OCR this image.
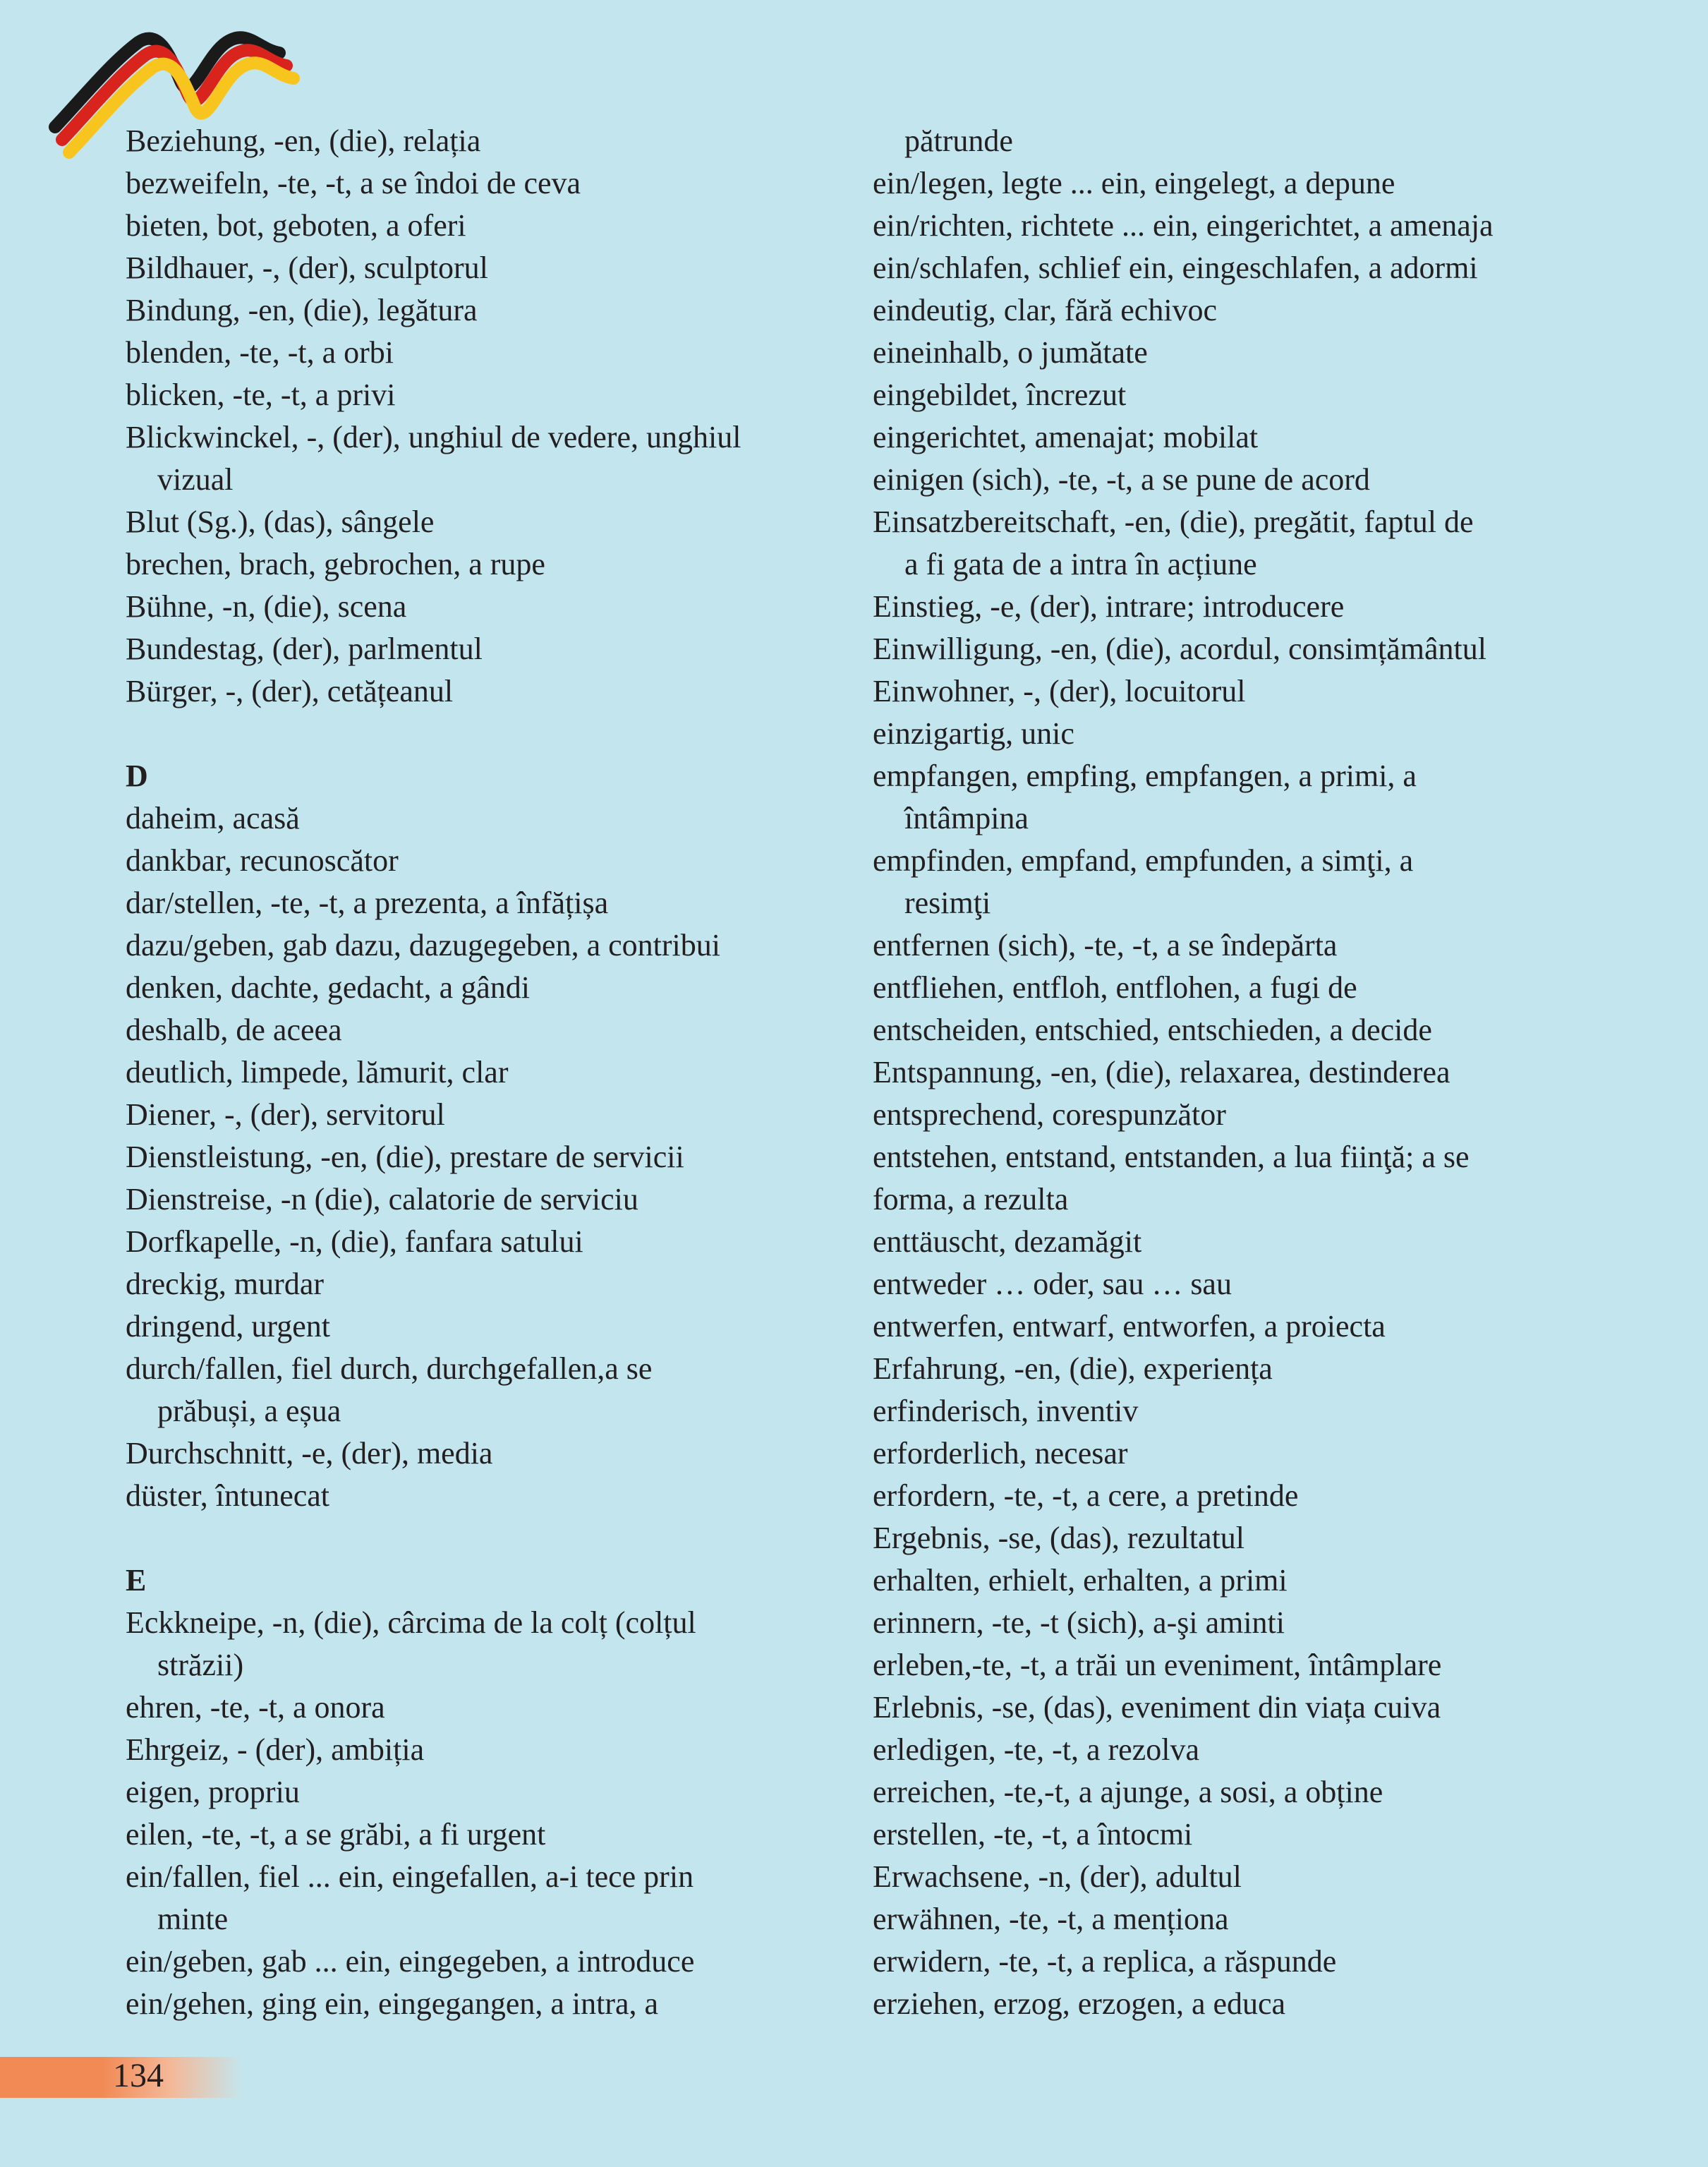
Beziehung, -en, (die), relația
bezweifeln, -te, -t, a se îndoi de ceva
bieten, bot, geboten, a oferi
Bildhauer, -, (der), sculptorul
Bindung, -en, (die), legătura
blenden, -te, -t, a orbi
blicken, -te, -t, a privi
Blickwinckel, -, (der), unghiul de vedere, unghiul
vizual
Blut (Sg.), (das), sângele
brechen, brach, gebrochen, a rupe
Bühne, -n, (die), scena
Bundestag, (der), parlmentul
Bürger, -, (der), cetățeanul
D
daheim, acasă
dankbar, recunoscător
dar/stellen, -te, -t, a prezenta, a înfățișa
dazu/geben, gab dazu, dazugegeben, a contribui
denken, dachte, gedacht, a gândi
deshalb, de aceea
deutlich, limpede, lămurit, clar
Diener, -, (der), servitorul
Dienstleistung, -en, (die), prestare de servicii
Dienstreise, -n (die), calatorie de serviciu
Dorfkapelle, -n, (die), fanfara satului
dreckig, murdar
dringend, urgent
durch/fallen, fiel durch, durchgefallen,a se
prăbuși, a eșua
Durchschnitt, -e, (der), media
düster, întunecat
E
Eckkneipe, -n, (die), cârcima de la colț (colțul
străzii)
ehren, -te, -t, a onora
Ehrgeiz, - (der), ambiția
eigen, propriu
eilen, -te, -t, a se grăbi, a fi urgent
ein/fallen, fiel ... ein, eingefallen, a-i tece prin
minte
ein/geben, gab ... ein, eingegeben, a introduce
ein/gehen, ging ein, eingegangen, a intra, a
pătrunde
ein/legen, legte ... ein, eingelegt, a depune
ein/richten, richtete ... ein, eingerichtet, a amenaja
ein/schlafen, schlief ein, eingeschlafen, a adormi
eindeutig, clar, fără echivoc
eineinhalb, o jumătate
eingebildet, încrezut
eingerichtet, amenajat; mobilat
einigen (sich), -te, -t, a se pune de acord
Einsatzbereitschaft, -en, (die), pregătit, faptul de
a fi gata de a intra în acțiune
Einstieg, -e, (der), intrare; introducere
Einwilligung, -en, (die), acordul, consimțământul
Einwohner, -, (der), locuitorul
einzigartig, unic
empfangen, empfing, empfangen, a primi, a
întâmpina
empfinden, empfand, empfunden, a simţi, a
resimţi
entfernen (sich), -te, -t, a se îndepărta
entfliehen, entfloh, entflohen, a fugi de
entscheiden, entschied, entschieden, a decide
Entspannung, -en, (die), relaxarea, destinderea
entsprechend, corespunzător
entstehen, entstand, entstanden, a lua fiinţă; a se
forma, a rezulta
enttäuscht, dezamăgit
entweder … oder, sau … sau
entwerfen, entwarf, entworfen, a proiecta
Erfahrung, -en, (die), experiența
erfinderisch, inventiv
erforderlich, necesar
erfordern, -te, -t, a cere, a pretinde
Ergebnis, -se, (das), rezultatul
erhalten, erhielt, erhalten, a primi
erinnern, -te, -t (sich), a-şi aminti
erleben,-te, -t, a trăi un eveniment, întâmplare
Erlebnis, -se, (das), eveniment din viața cuiva
erledigen, -te, -t, a rezolva
erreichen, -te,-t, a ajunge, a sosi, a obține
erstellen, -te, -t, a întocmi
Erwachsene, -n, (der), adultul
erwähnen, -te, -t, a menționa
erwidern, -te, -t, a replica, a răspunde
erziehen, erzog, erzogen, a educa
134
